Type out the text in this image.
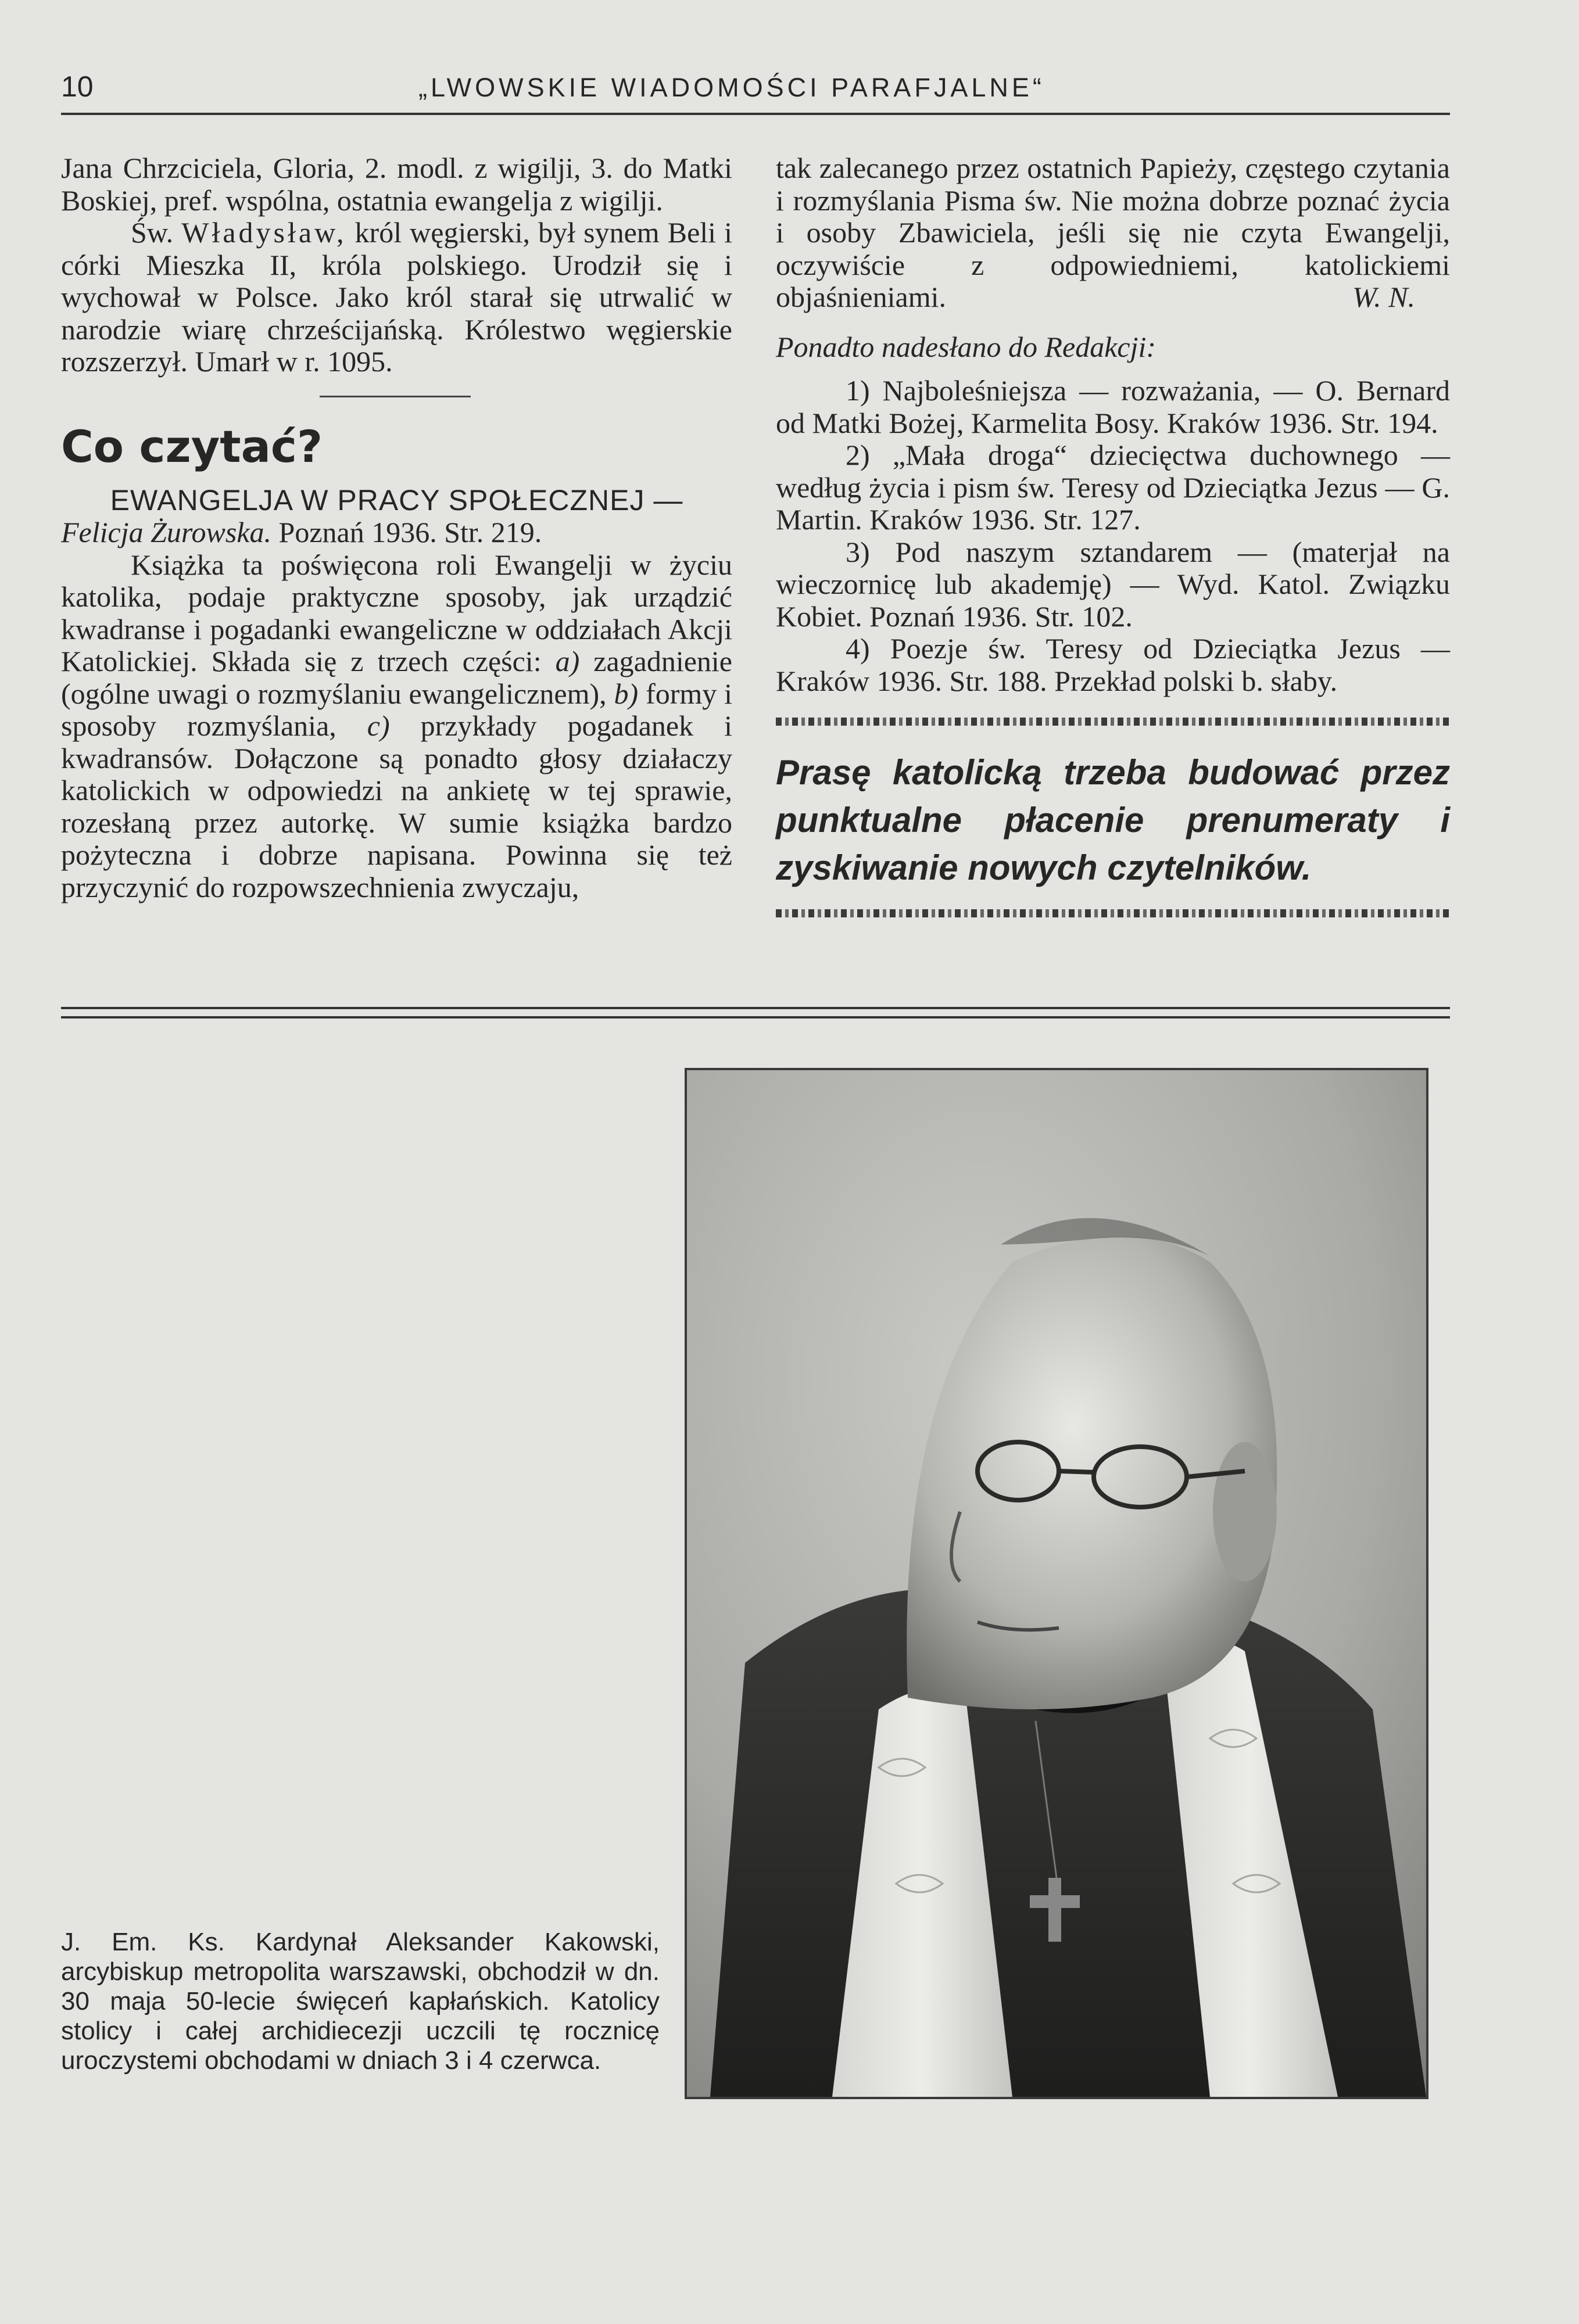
10	„LWOWSKIE WIADOMOŚCI PARAFJALNE“

Jana Chrzciciela, Gloria, 2. modl. z wigilji, 3. do Matki Boskiej, pref. wspólna, ostatnia ewangelja z wigilji.

Św. Władysław, król węgierski, był synem Beli i córki Mieszka II, króla polskiego. Urodził się i wychował w Polsce. Jako król starał się utrwalić w narodzie wiarę chrześcijańską. Królestwo węgierskie rozszerzył. Umarł w r. 1095.

Co czytać?

EWANGELJA W PRACY SPOŁECZNEJ —

Felicja Żurowska. Poznań 1936. Str. 219.

Książka ta poświęcona roli Ewangelji w życiu katolika, podaje praktyczne sposoby, jak urządzić kwadranse i pogadanki ewangeliczne w oddziałach Akcji Katolickiej. Składa się z trzech części: a) zagadnienie (ogólne uwagi o rozmyślaniu ewangelicznem), b) formy i sposoby rozmyślania, c) przykłady pogadanek i kwadransów. Dołączone są ponadto głosy działaczy katolickich w odpowiedzi na ankietę w tej sprawie, rozesłaną przez autorkę. W sumie książka bardzo pożyteczna i dobrze napisana. Powinna się też przyczynić do rozpowszechnienia zwyczaju,

tak zalecanego przez ostatnich Papieży, częstego czytania i rozmyślania Pisma św. Nie można dobrze poznać życia i osoby Zbawiciela, jeśli się nie czyta Ewangelji, oczywiście z odpowiedniemi, katolickiemi objaśnieniami.	W. N.

Ponadto nadesłano do Redakcji:

1) Najboleśniejsza — rozważania, — O. Bernard od Matki Bożej, Karmelita Bosy. Kraków 1936. Str. 194.

2) „Mała droga“ dziecięctwa duchownego — według życia i pism św. Teresy od Dzieciątka Jezus — G. Martin. Kraków 1936. Str. 127.

3) Pod naszym sztandarem — (materjał na wieczornicę lub akademję) — Wyd. Katol. Związku Kobiet. Poznań 1936. Str. 102.

4) Poezje św. Teresy od Dzieciątka Jezus — Kraków 1936. Str. 188. Przekład polski b. słaby.

Prasę katolicką trzeba budować przez punktualne płacenie prenumeraty i zyskiwanie nowych czytelników.

J. Em. Ks. Kardynał Aleksander Kakowski, arcybiskup metropolita warszawski, obchodził w dn. 30 maja 50-lecie święceń kapłańskich. Katolicy stolicy i całej archidiecezji uczcili tę rocznicę uroczystemi obchodami w dniach 3 i 4 czerwca.
